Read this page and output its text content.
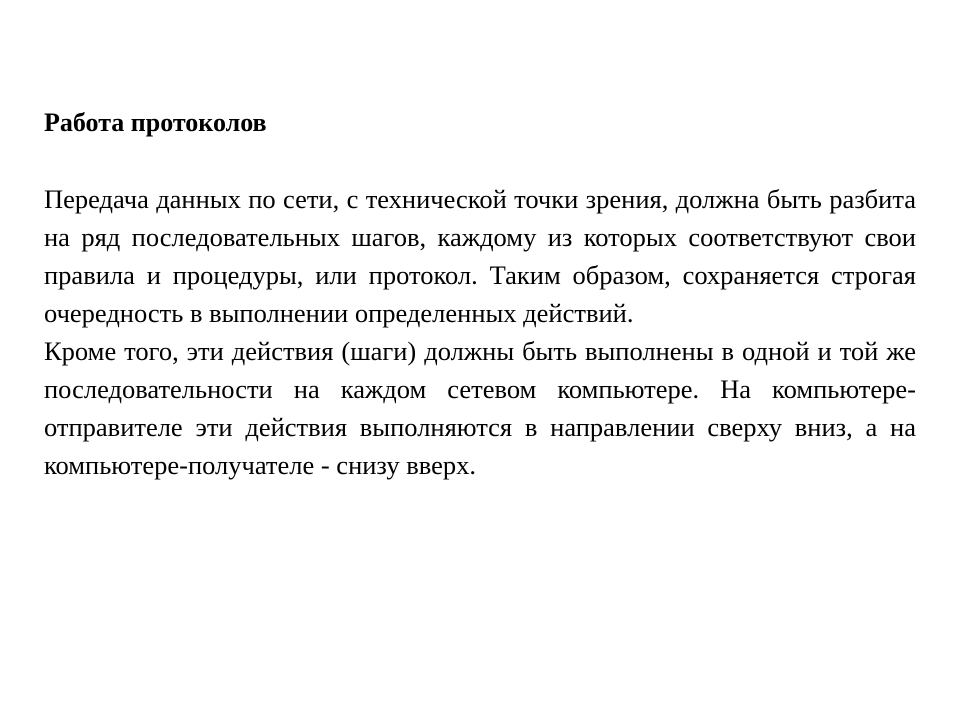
Работа протоколов

Передача данных по сети, с технической точки зрения, должна быть разбита на ряд последовательных шагов, каждому из которых соответствуют свои правила и процедуры, или протокол. Таким образом, сохраняется строгая очередность в выполнении определенных действий.

Кроме того, эти действия (шаги) должны быть выполнены в одной и той же последовательности на каждом сетевом компьютере. На компьютере-отправителе эти действия выполняются в направлении сверху вниз, а на компьютере-получателе - снизу вверх.
